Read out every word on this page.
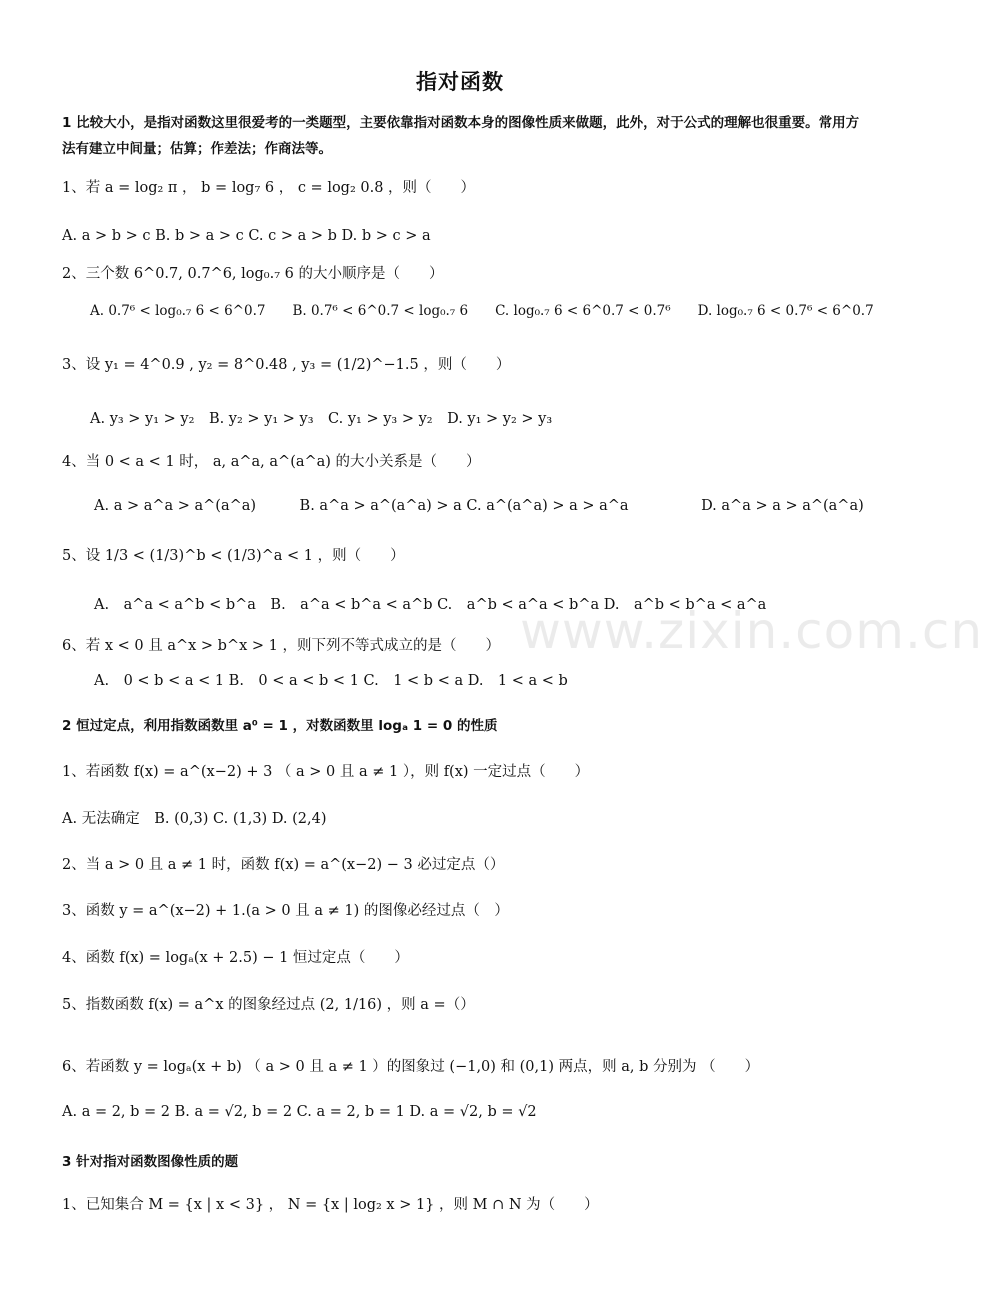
指对函数
1 比较大小，是指对函数这里很爱考的一类题型，主要依靠指对函数本身的图像性质来做题，此外，对于公式的理解也很重要。常用方法有建立中间量；估算；作差法；作商法等。
1、若 a = log₂ π ， b = log₇ 6 ， c = log₂ 0.8 ，则（　　）
A. a > b > c B. b > a > c C. c > a > b D. b > c > a
2、三个数 6^0.7, 0.7^6, log₀.₇ 6 的大小顺序是（　　）
A. 0.7⁶ < log₀.₇ 6 < 6^0.7　　B. 0.7⁶ < 6^0.7 < log₀.₇ 6　　C. log₀.₇ 6 < 6^0.7 < 0.7⁶　　D. log₀.₇ 6 < 0.7⁶ < 6^0.7
3、设 y₁ = 4^0.9 , y₂ = 8^0.48 , y₃ = (1/2)^−1.5 ，则（　　）
A. y₃ > y₁ > y₂　B. y₂ > y₁ > y₃　C. y₁ > y₃ > y₂　D. y₁ > y₂ > y₃
4、当 0 < a < 1 时， a, a^a, a^(a^a) 的大小关系是（　　）
A. a > a^a > a^(a^a)　　　B. a^a > a^(a^a) > a C. a^(a^a) > a > a^a　　　　　D. a^a > a > a^(a^a)
5、设 1/3 < (1/3)^b < (1/3)^a < 1 ，则（　　）
A.　a^a < a^b < b^a　B.　a^a < b^a < a^b C.　a^b < a^a < b^a D.　a^b < b^a < a^a
6、若 x < 0 且 a^x > b^x > 1 ，则下列不等式成立的是（　　）
A.　0 < b < a < 1 B.　0 < a < b < 1 C.　1 < b < a D.　1 < a < b
2 恒过定点，利用指数函数里 a⁰ = 1 ，对数函数里 logₐ 1 = 0 的性质
1、若函数 f(x) = a^(x−2) + 3 （ a > 0 且 a ≠ 1 ），则 f(x) 一定过点（　　）
A. 无法确定　B. (0,3) C. (1,3) D. (2,4)
2、当 a > 0 且 a ≠ 1 时，函数 f(x) = a^(x−2) − 3 必过定点（）
3、函数 y = a^(x−2) + 1.(a > 0 且 a ≠ 1) 的图像必经过点（　）
4、函数 f(x) = logₐ(x + 2.5) − 1 恒过定点（　　）
5、指数函数 f(x) = a^x 的图象经过点 (2, 1/16) ，则 a =（）
6、若函数 y = logₐ(x + b) （ a > 0 且 a ≠ 1 ）的图象过 (−1,0) 和 (0,1) 两点，则 a, b 分别为 （　　）
A. a = 2, b = 2 B. a = √2, b = 2 C. a = 2, b = 1 D. a = √2, b = √2
3 针对指对函数图像性质的题
1、已知集合 M = {x | x < 3} ， N = {x | log₂ x > 1} ，则 M ∩ N 为（　　）
www.zixin.com.cn
